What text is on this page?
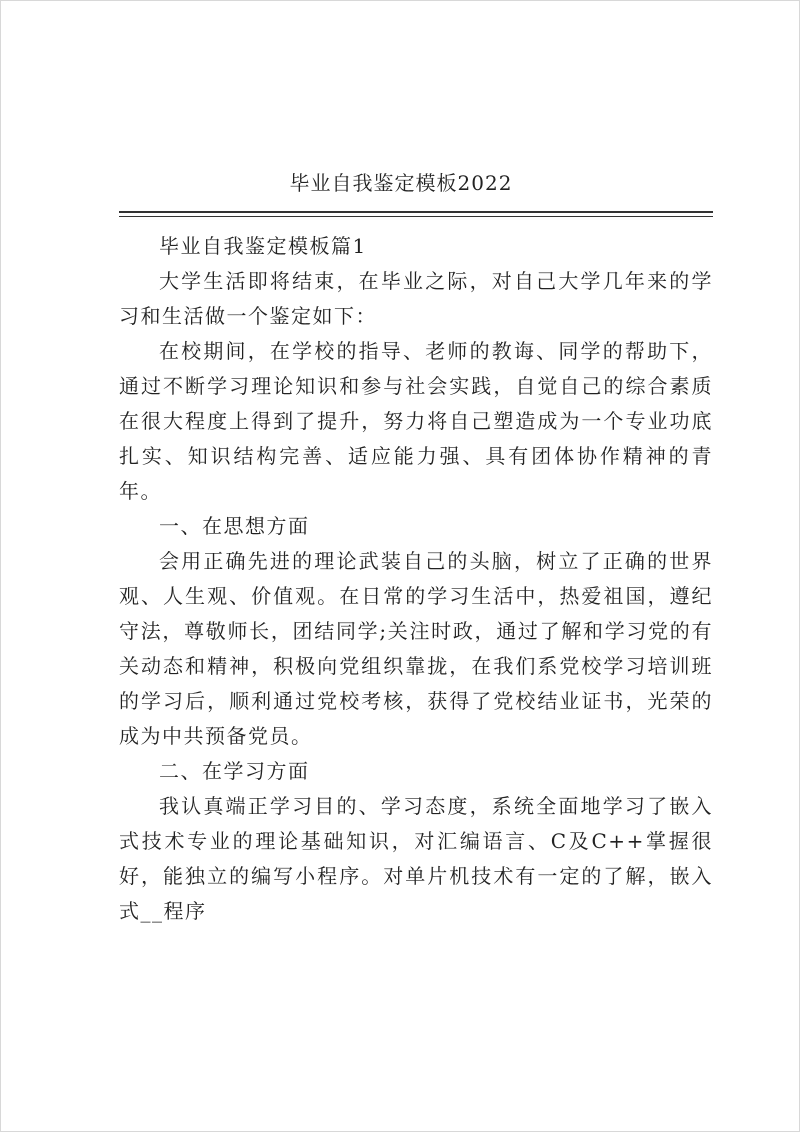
毕业自我鉴定模板2022

毕业自我鉴定模板篇1

大学生活即将结束，在毕业之际，对自己大学几年来的学习和生活做一个鉴定如下：

在校期间，在学校的指导、老师的教诲、同学的帮助下，通过不断学习理论知识和参与社会实践，自觉自己的综合素质在很大程度上得到了提升，努力将自己塑造成为一个专业功底扎实、知识结构完善、适应能力强、具有团体协作精神的青年。

一、在思想方面

会用正确先进的理论武装自己的头脑，树立了正确的世界观、人生观、价值观。在日常的学习生活中，热爱祖国，遵纪守法，尊敬师长，团结同学;关注时政，通过了解和学习党的有关动态和精神，积极向党组织靠拢，在我们系党校学习培训班的学习后，顺利通过党校考核，获得了党校结业证书，光荣的成为中共预备党员。

二、在学习方面

我认真端正学习目的、学习态度，系统全面地学习了嵌入式技术专业的理论基础知识，对汇编语言、C及C++掌握很好，能独立的编写小程序。对单片机技术有一定的了解，嵌入式__程序
